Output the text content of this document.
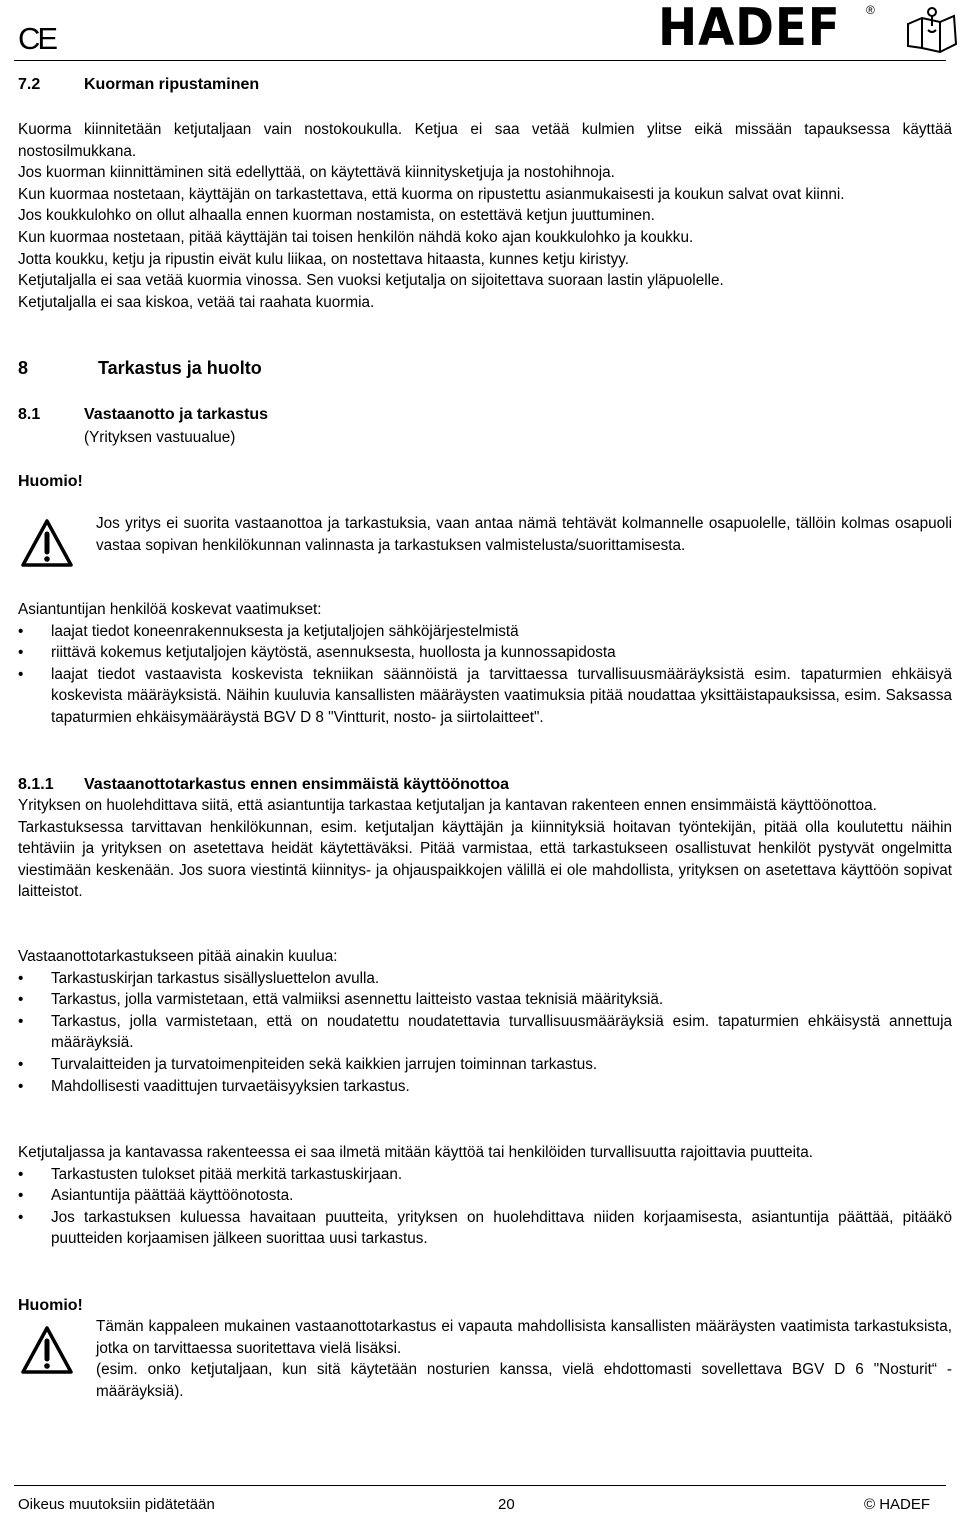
CE	HADEF ®
7.2	Kuorman ripustaminen

Kuorma kiinnitetään ketjutaljaan vain nostokoukulla. Ketjua ei saa vetää kulmien ylitse eikä missään tapauksessa käyttää nostosilmukkana.

Jos kuorman kiinnittäminen sitä edellyttää, on käytettävä kiinnitysketjuja ja nostohihnoja.

Kun kuormaa nostetaan, käyttäjän on tarkastettava, että kuorma on ripustettu asianmukaisesti ja koukun salvat ovat kiinni.

Jos koukkulohko on ollut alhaalla ennen kuorman nostamista, on estettävä ketjun juuttuminen.

Kun kuormaa nostetaan, pitää käyttäjän tai toisen henkilön nähdä koko ajan koukkulohko ja koukku.

Jotta koukku, ketju ja ripustin eivät kulu liikaa, on nostettava hitaasta, kunnes ketju kiristyy.

Ketjutaljalla ei saa vetää kuormia vinossa. Sen vuoksi ketjutalja on sijoitettava suoraan lastin yläpuolelle.

Ketjutaljalla ei saa kiskoa, vetää tai raahata kuormia.

8	Tarkastus ja huolto
8.1	Vastaanotto ja tarkastus
(Yrityksen vastuualue)
Huomio!

Jos yritys ei suorita vastaanottoa ja tarkastuksia, vaan antaa nämä tehtävät kolmannelle osapuolelle, tällöin kolmas osapuoli vastaa sopivan henkilökunnan valinnasta ja tarkastuksen valmistelusta/suorittamisesta.

Asiantuntijan henkilöä koskevat vaatimukset:

• laajat tiedot koneenrakennuksesta ja ketjutaljojen sähköjärjestelmistä
• riittävä kokemus ketjutaljojen käytöstä, asennuksesta, huollosta ja kunnossapidosta
• laajat tiedot vastaavista koskevista tekniikan säännöistä ja tarvittaessa turvallisuusmääräyksistä esim. tapaturmien ehkäisyä koskevista määräyksistä. Näihin kuuluvia kansallisten määräysten vaatimuksia pitää noudattaa yksittäistapauksissa, esim. Saksassa tapaturmien ehkäisymääräystä BGV D 8 "Vintturit, nosto- ja siirtolaitteet".
8.1.1 Vastaanottotarkastus ennen ensimmäistä käyttöönottoa

Yrityksen on huolehdittava siitä, että asiantuntija tarkastaa ketjutaljan ja kantavan rakenteen ennen ensimmäistä käyttöönottoa.

Tarkastuksessa tarvittavan henkilökunnan, esim. ketjutaljan käyttäjän ja kiinnityksiä hoitavan työntekijän, pitää olla koulutettu näihin tehtäviin ja yrityksen on asetettava heidät käytettäväksi. Pitää varmistaa, että tarkastukseen osallistuvat henkilöt pystyvät ongelmitta viestimään keskenään. Jos suora viestintä kiinnitys- ja ohjauspaikkojen välillä ei ole mahdollista, yrityksen on asetettava käyttöön sopivat laitteistot.

Vastaanottotarkastukseen pitää ainakin kuulua:

• Tarkastuskirjan tarkastus sisällysluettelon avulla.
• Tarkastus, jolla varmistetaan, että valmiiksi asennettu laitteisto vastaa teknisiä määrityksiä.
• Tarkastus, jolla varmistetaan, että on noudatettu noudatettavia turvallisuusmääräyksiä esim. tapaturmien ehkäisystä annettuja määräyksiä.
• Turvalaitteiden ja turvatoimenpiteiden sekä kaikkien jarrujen toiminnan tarkastus.
• Mahdollisesti vaadittujen turvaetäisyyksien tarkastus.

Ketjutaljassa ja kantavassa rakenteessa ei saa ilmetä mitään käyttöä tai henkilöiden turvallisuutta rajoittavia puutteita.

• Tarkastusten tulokset pitää merkitä tarkastuskirjaan.
• Asiantuntija päättää käyttöönotosta.
• Jos tarkastuksen kuluessa havaitaan puutteita, yrityksen on huolehdittava niiden korjaamisesta, asiantuntija päättää, pitääkö puutteiden korjaamisen jälkeen suorittaa uusi tarkastus.
Huomio!

Tämän kappaleen mukainen vastaanottotarkastus ei vapauta mahdollisista kansallisten määräysten vaatimista tarkastuksista, jotka on tarvittaessa suoritettava vielä lisäksi.

(esim. onko ketjutaljaan, kun sitä käytetään nosturien kanssa, vielä ehdottomasti sovellettava BGV D 6 "Nosturit“ -määräyksiä).

Oikeus muutoksiin pidätetään	20	© HADEF
